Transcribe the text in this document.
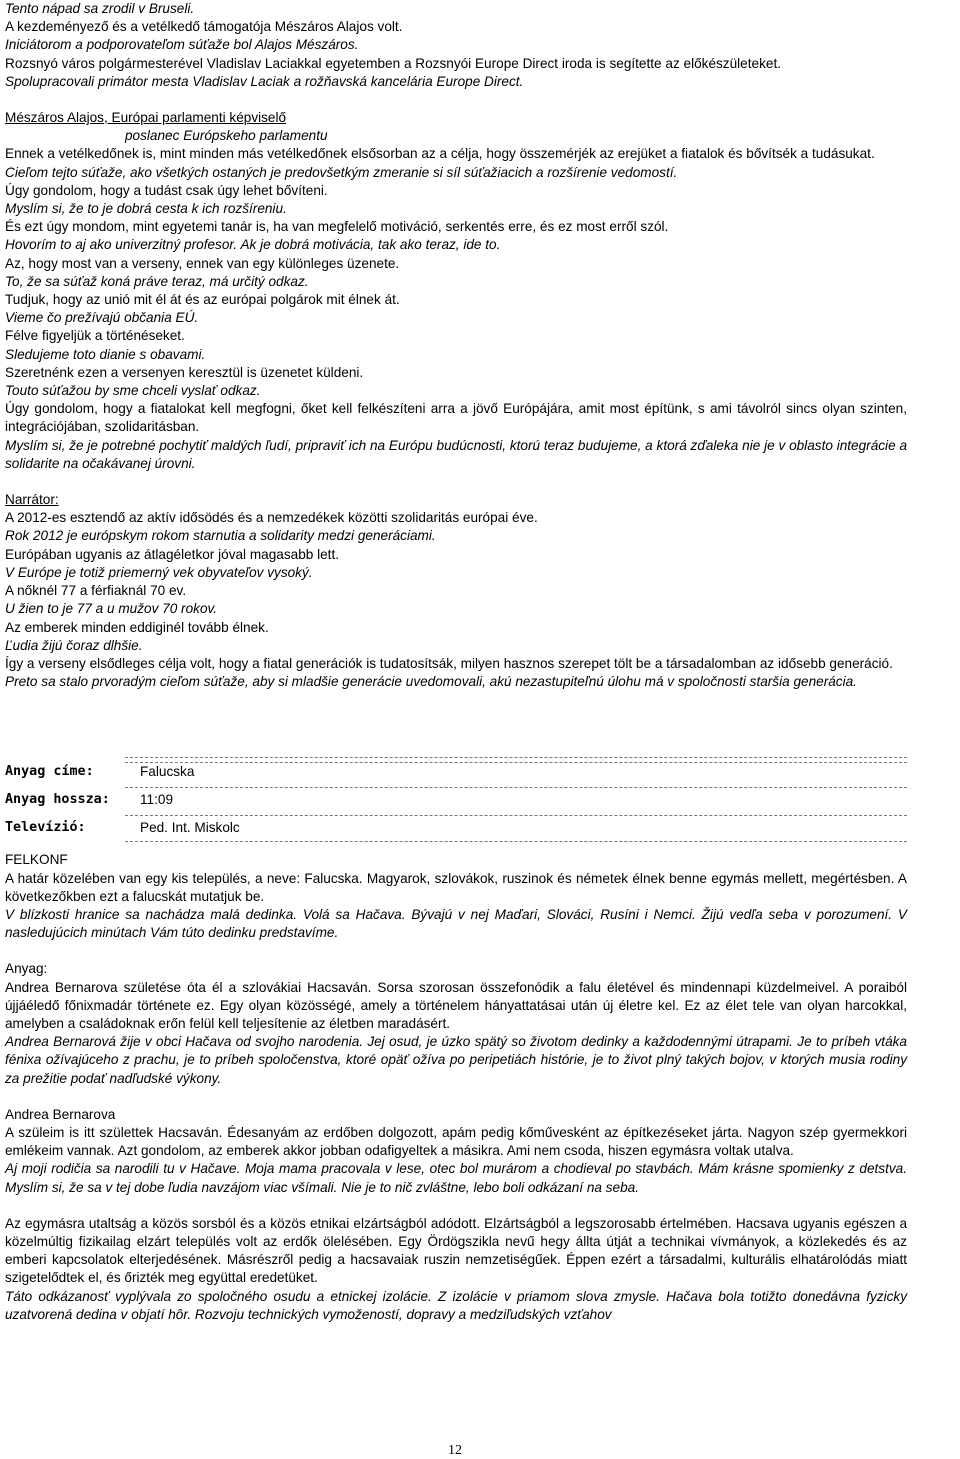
Tento nápad sa zrodil v Bruseli.

A kezdeményező és a vetélkedő támogatója Mészáros Alajos volt.

Iniciátorom a podporovateľom súťaže bol Alajos Mészáros.

Rozsnyó város polgármesterével Vladislav Laciakkal egyetemben a Rozsnyói Europe Direct iroda is segítette az előkészületeket.

Spolupracovali primátor mesta Vladislav Laciak a rožňavská kancelária Europe Direct.

Mészáros Alajos, Európai parlamenti képviselő

poslanec Európskeho parlamentu

Ennek a vetélkedőnek is, mint minden más vetélkedőnek elsősorban az a célja, hogy összemérjék az erejüket a fiatalok és bővítsék a tudásukat.

Cieľom tejto súťaže, ako všetkých ostaných je predovšetkým zmeranie si síl súťažiacich a rozšírenie vedomostí.

Úgy gondolom, hogy a tudást csak úgy lehet bővíteni.

Myslím si, že to je dobrá cesta k ich rozšíreniu.

És ezt úgy mondom, mint egyetemi tanár is, ha van megfelelő motiváció, serkentés erre, és ez most erről szól.

Hovorím to aj ako univerzitný profesor. Ak je dobrá motivácia, tak ako teraz, ide to.

Az, hogy most van a verseny, ennek van egy különleges üzenete.

To, že sa súťaž koná práve teraz, má určitý odkaz.

Tudjuk, hogy az unió mit él át és az európai polgárok mit élnek át.

Vieme čo prežívajú občania EÚ.

Félve figyeljük a történéseket.

Sledujeme toto dianie s obavami.

Szeretnénk ezen a versenyen keresztül is üzenetet küldeni.

Touto súťažou by sme chceli vyslať odkaz.

Úgy gondolom, hogy a fiatalokat kell megfogni, őket kell felkészíteni arra a jövő Európájára, amit most építünk, s ami távolról sincs olyan szinten, integrációjában, szolidaritásban.

Myslím si, že je potrebné pochytiť maldých ľudí, pripraviť ich na Európu budúcnosti, ktorú teraz budujeme, a ktorá zďaleka nie je v oblasto integrácie a solidarite na očakávanej úrovni.

Narrátor:

A 2012-es esztendő az aktív idősödés és a nemzedékek közötti szolidaritás európai éve.

Rok 2012 je európskym rokom starnutia a solidarity medzi generáciami.

Európában ugyanis az átlagéletkor jóval magasabb lett.

V Európe je totiž priemerný vek obyvateľov vysoký.

A nőknél 77 a férfiaknál 70 ev.

U žien to je 77 a u mužov 70 rokov.

Az emberek minden eddiginél tovább élnek.

Ľudia žijú čoraz dlhšie.

Így a verseny elsődleges célja volt, hogy a fiatal generációk is tudatosítsák, milyen hasznos szerepet tölt be a társadalomban az idősebb generáció.

Preto sa stalo prvoradým cieľom súťaže, aby si mladšie generácie uvedomovali, akú nezastupiteľnú úlohu má v spoločnosti staršia generácia.

Anyag címe:	Falucska
Anyag hossza: 11:09
Televízió:	Ped. Int. Miskolc

FELKONF

A határ közelében van egy kis település, a neve: Falucska. Magyarok, szlovákok, ruszinok és németek élnek benne egymás mellett, megértésben. A következőkben ezt a falucskát mutatjuk be.

V blízkosti hranice sa nachádza malá dedinka. Volá sa Hačava. Bývajú v nej Maďari, Slováci, Rusíni i Nemci. Žijú vedľa seba v porozumení. V nasledujúcich minútach Vám túto dedinku predstavíme.

Anyag:

Andrea Bernarova születése óta él a szlovákiai Hacsaván. Sorsa szorosan összefonódik a falu életével és mindennapi küzdelmeivel. A poraiból újjáéledő főnixmadár története ez. Egy olyan közösségé, amely a történelem hányattatásai után új életre kel. Ez az élet tele van olyan harcokkal, amelyben a családoknak erőn felül kell teljesítenie az életben maradásért.

Andrea Bernarová žije v obci Hačava od svojho narodenia. Jej osud, je úzko spätý so životom dedinky a každodennými útrapami. Je to príbeh vtáka fénixa ožívajúceho z prachu, je to príbeh spoločenstva, ktoré opäť ožíva po peripetiách histórie, je to život plný takých bojov, v ktorých musia rodiny za prežitie podať nadľudské výkony.

Andrea Bernarova

A szüleim is itt születtek Hacsaván. Édesanyám az erdőben dolgozott, apám pedig kőművesként az építkezéseket járta. Nagyon szép gyermekkori emlékeim vannak. Azt gondolom, az emberek akkor jobban odafigyeltek a másikra. Ami nem csoda, hiszen egymásra voltak utalva.

Aj moji rodičia sa narodili tu v Hačave. Moja mama pracovala v lese, otec bol murárom a chodieval po stavbách. Mám krásne spomienky z detstva. Myslím si, že sa v tej dobe ľudia navzájom viac všímali. Nie je to nič zvláštne, lebo boli odkázaní na seba.

Az egymásra utaltság a közös sorsból és a közös etnikai elzártságból adódott. Elzártságból a legszorosabb értelmében. Hacsava ugyanis egészen a közelmúltig fizikailag elzárt település volt az erdők ölelésében. Egy Ördögszikla nevű hegy állta útját a technikai vívmányok, a közlekedés és az emberi kapcsolatok elterjedésének. Másrészről pedig a hacsavaiak ruszin nemzetiségűek. Éppen ezért a társadalmi, kulturális elhatárolódás miatt szigetelődtek el, és őrizték meg együttal eredetüket.

Táto odkázanosť vyplývala zo spoločného osudu a etnickej izolácie. Z izolácie v priamom slova zmysle. Hačava bola totižto donedávna fyzicky uzatvorená dedina v objatí hôr. Rozvoju technických vymožeností, dopravy a medziľudských vzťahov

12
